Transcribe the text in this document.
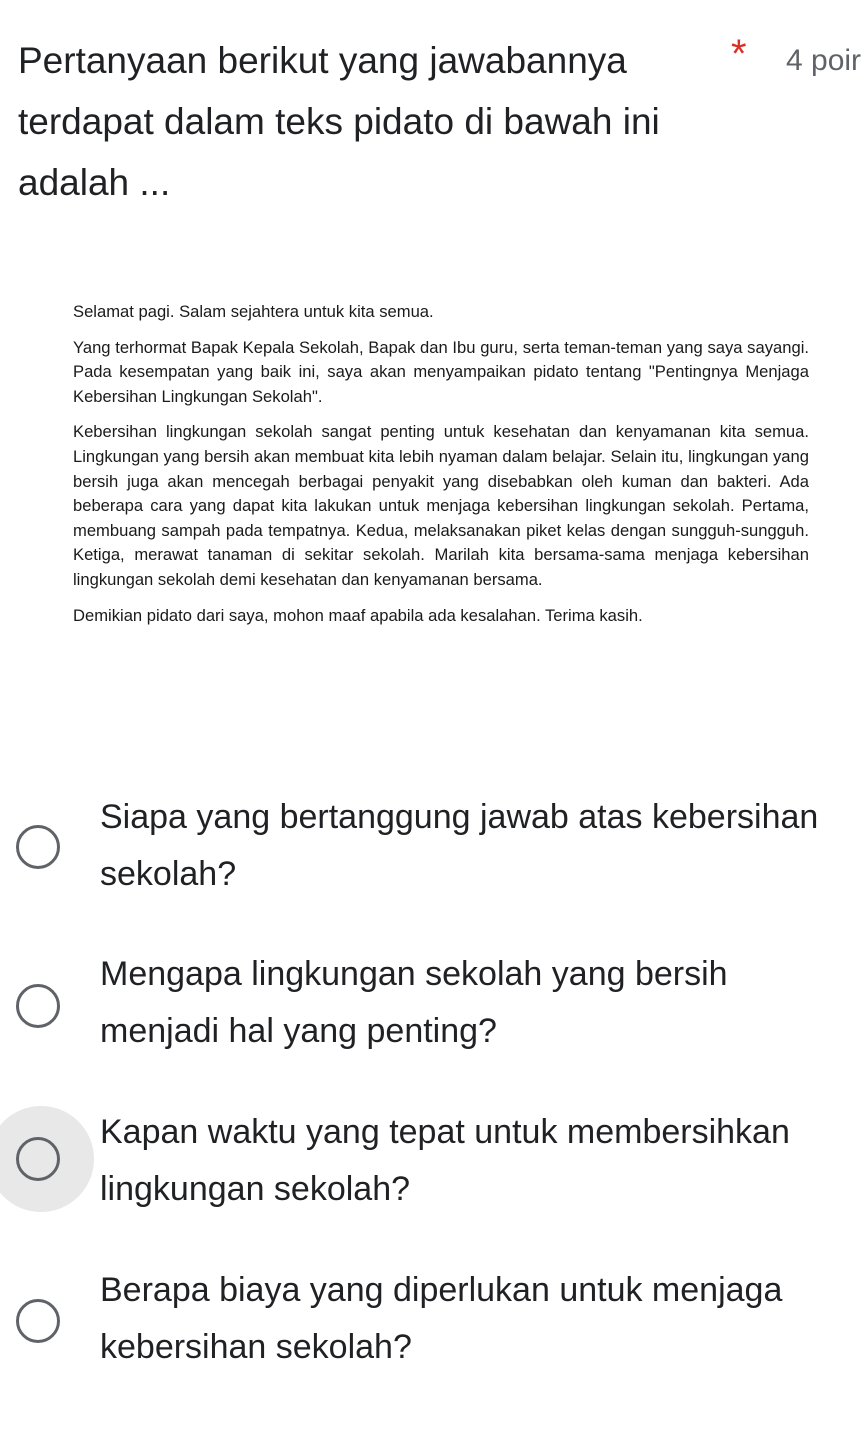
Pertanyaan berikut yang jawabannya terdapat dalam teks pidato di bawah ini adalah ...
* 4 poir

Selamat pagi. Salam sejahtera untuk kita semua.

Yang terhormat Bapak Kepala Sekolah, Bapak dan Ibu guru, serta teman-teman yang saya sayangi. Pada kesempatan yang baik ini, saya akan menyampaikan pidato tentang "Pentingnya Menjaga Kebersihan Lingkungan Sekolah".

Kebersihan lingkungan sekolah sangat penting untuk kesehatan dan kenyamanan kita semua. Lingkungan yang bersih akan membuat kita lebih nyaman dalam belajar. Selain itu, lingkungan yang bersih juga akan mencegah berbagai penyakit yang disebabkan oleh kuman dan bakteri. Ada beberapa cara yang dapat kita lakukan untuk menjaga kebersihan lingkungan sekolah. Pertama, membuang sampah pada tempatnya. Kedua, melaksanakan piket kelas dengan sungguh-sungguh. Ketiga, merawat tanaman di sekitar sekolah. Marilah kita bersama-sama menjaga kebersihan lingkungan sekolah demi kesehatan dan kenyamanan bersama.

Demikian pidato dari saya, mohon maaf apabila ada kesalahan. Terima kasih.

Siapa yang bertanggung jawab atas kebersihan sekolah?
Mengapa lingkungan sekolah yang bersih menjadi hal yang penting?
Kapan waktu yang tepat untuk membersihkan lingkungan sekolah?
Berapa biaya yang diperlukan untuk menjaga kebersihan sekolah?
